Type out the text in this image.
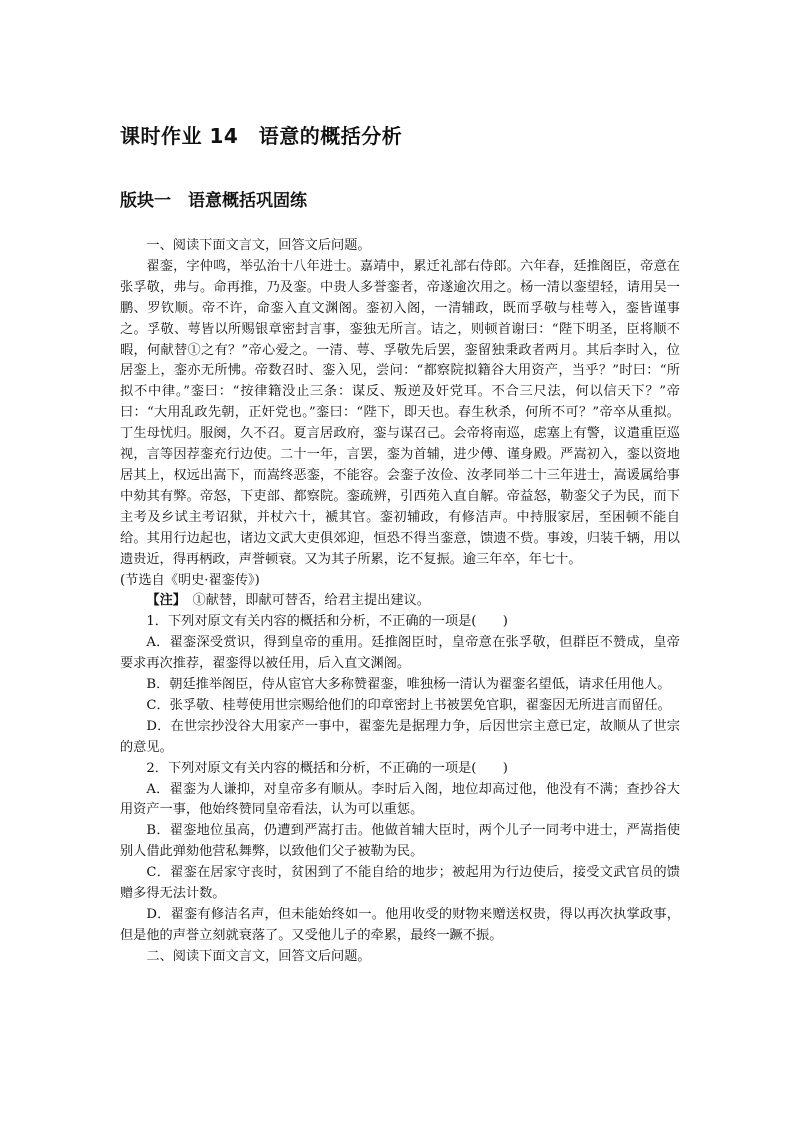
课时作业 14　语意的概括分析
版块一　语意概括巩固练

一、阅读下面文言文，回答文后问题。

翟銮，字仲鸣，举弘治十八年进士。嘉靖中，累迁礼部右侍郎。六年春，廷推阁臣，帝意在张孚敬，弗与。命再推，乃及銮。中贵人多誉銮者，帝遂逾次用之。杨一清以銮望轻，请用吴一鹏、罗钦顺。帝不许，命銮入直文渊阁。銮初入阁，一清辅政，既而孚敬与桂萼入，銮皆谨事之。孚敬、萼皆以所赐银章密封言事，銮独无所言。诘之，则顿首谢曰：“陛下明圣，臣将顺不暇，何献替①之有？”帝心爱之。一清、萼、孚敬先后罢，銮留独秉政者两月。其后李时入，位居銮上，銮亦无所怫。帝数召时、銮入见，尝问：“都察院拟籍谷大用资产，当乎？”时曰：“所拟不中律。”銮曰：“按律籍没止三条：谋反、叛逆及奸党耳。不合三尺法，何以信天下？”帝曰：“大用乱政先朝，正奸党也。”銮曰：“陛下，即天也。春生秋杀，何所不可？”帝卒从重拟。丁生母忧归。服阕，久不召。夏言居政府，銮与谋召己。会帝将南巡，虑塞上有警，议遣重臣巡视，言等因荐銮充行边使。二十一年，言罢，銮为首辅，进少傅、谨身殿。严嵩初入，銮以资地居其上，权远出嵩下，而嵩终恶銮，不能容。会銮子汝俭、汝孝同举二十三年进士，嵩谖属给事中劾其有弊。帝怒，下吏部、都察院。銮疏辨，引西苑入直自解。帝益怒，勒銮父子为民，而下主考及乡试主考诏狱，并杖六十，褫其官。銮初辅政，有修洁声。中持服家居，至困顿不能自给。其用行边起也，诸边文武大吏俱郊迎，恒恐不得当銮意，馈遗不赀。事竣，归装千辆，用以遗贵近，得再柄政，声誉顿衰。又为其子所累，讫不复振。逾三年卒，年七十。

(节选自《明史·翟銮传》)

【注】　 ①献替，即献可替否，给君主提出建议。

1．下列对原文有关内容的概括和分析，不正确的一项是(　　)

A．翟銮深受赏识，得到皇帝的重用。廷推阁臣时，皇帝意在张孚敬，但群臣不赞成，皇帝要求再次推荐，翟銮得以被任用，后入直文渊阁。

B．朝廷推举阁臣，侍从宦官大多称赞翟銮，唯独杨一清认为翟銮名望低，请求任用他人。

C．张孚敬、桂萼使用世宗赐给他们的印章密封上书被罢免官职，翟銮因无所进言而留任。

D．在世宗抄没谷大用家产一事中，翟銮先是据理力争，后因世宗主意已定，故顺从了世宗的意见。

2．下列对原文有关内容的概括和分析，不正确的一项是(　　)

A．翟銮为人谦抑，对皇帝多有顺从。李时后入阁，地位却高过他，他没有不满；查抄谷大用资产一事，他始终赞同皇帝看法，认为可以重惩。

B．翟銮地位虽高，仍遭到严嵩打击。他做首辅大臣时，两个儿子一同考中进士，严嵩指使别人借此弹劾他营私舞弊，以致他们父子被勒为民。

C．翟銮在居家守丧时，贫困到了不能自给的地步；被起用为行边使后，接受文武官员的馈赠多得无法计数。

D．翟銮有修洁名声，但未能始终如一。他用收受的财物来赠送权贵，得以再次执掌政事，但是他的声誉立刻就衰落了。又受他儿子的牵累，最终一蹶不振。

二、阅读下面文言文，回答文后问题。
